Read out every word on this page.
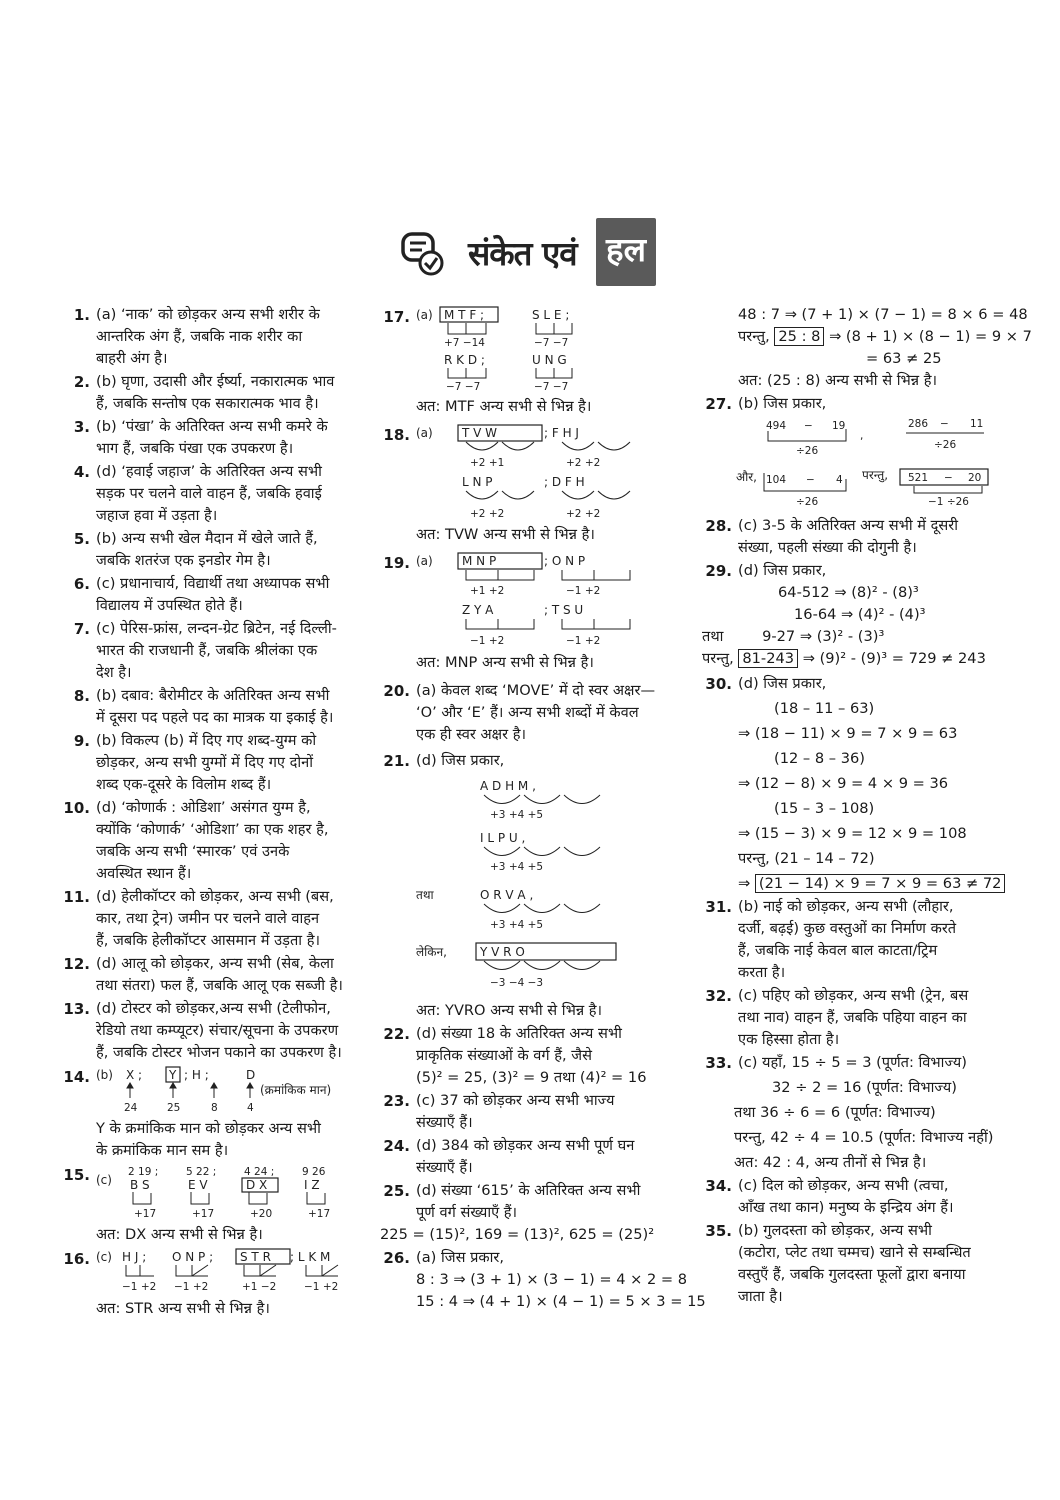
संकेत एवं हल
1. (a) ‘नाक’ को छोड़कर अन्य सभी शरीर के
आन्तरिक अंग हैं, जबकि नाक शरीर का
बाहरी अंग है।
2. (b) घृणा, उदासी और ईर्ष्या, नकारात्मक भाव
हैं, जबकि सन्तोष एक सकारात्मक भाव है।
3. (b) ‘पंखा’ के अतिरिक्त अन्य सभी कमरे के
भाग हैं, जबकि पंखा एक उपकरण है।
4. (d) ‘हवाई जहाज’ के अतिरिक्त अन्य सभी
सड़क पर चलने वाले वाहन हैं, जबकि हवाई
जहाज हवा में उड़ता है।
5. (b) अन्य सभी खेल मैदान में खेले जाते हैं,
जबकि शतरंज एक इनडोर गेम है।
6. (c) प्रधानाचार्य, विद्यार्थी तथा अध्यापक सभी
विद्यालय में उपस्थित होते हैं।
7. (c) पेरिस-फ्रांस, लन्दन-ग्रेट ब्रिटेन, नई दिल्ली-
भारत की राजधानी हैं, जबकि श्रीलंका एक
देश है।
8. (b) दबाव: बैरोमीटर के अतिरिक्त अन्य सभी
में दूसरा पद पहले पद का मात्रक या इकाई है।
9. (b) विकल्प (b) में दिए गए शब्द-युग्म को
छोड़कर, अन्य सभी युग्मों में दिए गए दोनों
शब्द एक-दूसरे के विलोम शब्द हैं।
10. (d) ‘कोणार्क : ओडिशा’ असंगत युग्म है,
क्योंकि ‘कोणार्क’ ‘ओडिशा’ का एक शहर है,
जबकि अन्य सभी ‘स्मारक’ एवं उनके
अवस्थित स्थान हैं।
11. (d) हेलीकॉप्टर को छोड़कर, अन्य सभी (बस,
कार, तथा ट्रेन) जमीन पर चलने वाले वाहन
हैं, जबकि हेलीकॉप्टर आसमान में उड़ता है।
12. (d) आलू को छोड़कर, अन्य सभी (सेब, केला
तथा संतरा) फल हैं, जबकि आलू एक सब्जी है।
13. (d) टोस्टर को छोड़कर,अन्य सभी (टेलीफोन,
रेडियो तथा कम्प्यूटर) संचार/सूचना के उपकरण
हैं, जबकि टोस्टर भोजन पकाने का उपकरण है।
14. (b) X ; Y ; H ;	D
(क्रमांकिक मान)
24	25	8	4
Y के क्रमांकिक मान को छोड़कर अन्य सभी
के क्रमांकिक मान सम है।
15. (c)
2 19 ;	5 22 ;	4 24 ;	9 26
B S	E V	D X	I Z
+17	+17	+20	+17
अत: DX अन्य सभी से भिन्न है।
16. (c) H J ; O N P ; S T R ; L K M
−1 +2 −1 +2	+1 −2	−1 +2
अत: STR अन्य सभी से भिन्न है।
17. (a) M T F ;	S L E ;
+7 −14	−7 −7
R K D ;	U N G
−7 −7	−7 −7
अत: MTF अन्य सभी से भिन्न है।
18. (a) T V W	; F H J
+2 +1	+2 +2
L N P	; D F H
+2 +2	+2 +2
अत: TVW अन्य सभी से भिन्न है।
19. (a) M N P	; O N P
+1 +2	−1 +2
Z Y A	; T S U
−1 +2	−1 +2
अत: MNP अन्य सभी से भिन्न है।
20. (a) केवल शब्द ‘MOVE’ में दो स्वर अक्षर—
‘O’ और ‘E’ हैं। अन्य सभी शब्दों में केवल
एक ही स्वर अक्षर है।
21. (d) जिस प्रकार,
A D H M ,
+3 +4 +5
I L P U ,
+3 +4 +5
तथा	O R V A ,
+3 +4 +5
लेकिन,	Y V R O
−3 −4 −3
अत: YVRO अन्य सभी से भिन्न है।
22. (d) संख्या 18 के अतिरिक्त अन्य सभी
प्राकृतिक संख्याओं के वर्ग हैं, जैसे
(5)² = 25, (3)² = 9 तथा (4)² = 16
23. (c) 37 को छोड़कर अन्य सभी भाज्य
संख्याएँ हैं।
24. (d) 384 को छोड़कर अन्य सभी पूर्ण घन
संख्याएँ हैं।
25. (d) संख्या ‘615’ के अतिरिक्त अन्य सभी
पूर्ण वर्ग संख्याएँ हैं।
225 = (15)², 169 = (13)², 625 = (25)²
26. (a) जिस प्रकार,
8 : 3 ⇒ (3 + 1) × (3 − 1) = 4 × 2 = 8
15 : 4 ⇒ (4 + 1) × (4 − 1) = 5 × 3 = 15
48 : 7 ⇒ (7 + 1) × (7 − 1) = 8 × 6 = 48
परन्तु, 25 : 8 ⇒ (8 + 1) × (8 − 1) = 9 × 7
= 63 ≠ 25
अत: (25 : 8) अन्य सभी से भिन्न है।
27. (b) जिस प्रकार,
494 − 19
÷26
,
286 − 11
÷26
और, 104 − 4
÷26
परन्तु, 521 − 20
−1 ÷26
28. (c) 3-5 के अतिरिक्त अन्य सभी में दूसरी
संख्या, पहली संख्या की दोगुनी है।
29. (d) जिस प्रकार,
64-512 ⇒ (8)² - (8)³
16-64 ⇒ (4)² - (4)³
तथा	9-27 ⇒ (3)² - (3)³
परन्तु, 81-243 ⇒ (9)² - (9)³ = 729 ≠ 243
30. (d) जिस प्रकार,
(18 – 11 – 63)
⇒ (18 − 11) × 9 = 7 × 9 = 63
(12 – 8 – 36)
⇒ (12 − 8) × 9 = 4 × 9 = 36
(15 – 3 – 108)
⇒ (15 − 3) × 9 = 12 × 9 = 108
परन्तु, (21 – 14 – 72)
⇒ (21 − 14) × 9 = 7 × 9 = 63 ≠ 72
31. (b) नाई को छोड़कर, अन्य सभी (लौहार,
दर्जी, बढ़ई) कुछ वस्तुओं का निर्माण करते
हैं, जबकि नाई केवल बाल काटता/ट्रिम
करता है।
32. (c) पहिए को छोड़कर, अन्य सभी (ट्रेन, बस
तथा नाव) वाहन हैं, जबकि पहिया वाहन का
एक हिस्सा होता है।
33. (c) यहाँ, 15 ÷ 5 = 3 (पूर्णत: विभाज्य)
32 ÷ 2 = 16 (पूर्णत: विभाज्य)
तथा 36 ÷ 6 = 6 (पूर्णत: विभाज्य)
परन्तु, 42 ÷ 4 = 10.5 (पूर्णत: विभाज्य नहीं)
अत: 42 : 4, अन्य तीनों से भिन्न है।
34. (c) दिल को छोड़कर, अन्य सभी (त्वचा,
आँख तथा कान) मनुष्य के इन्द्रिय अंग हैं।
35. (b) गुलदस्ता को छोड़कर, अन्य सभी
(कटोरा, प्लेट तथा चम्मच) खाने से सम्बन्धित
वस्तुएँ हैं, जबकि गुलदस्ता फूलों द्वारा बनाया
जाता है।
